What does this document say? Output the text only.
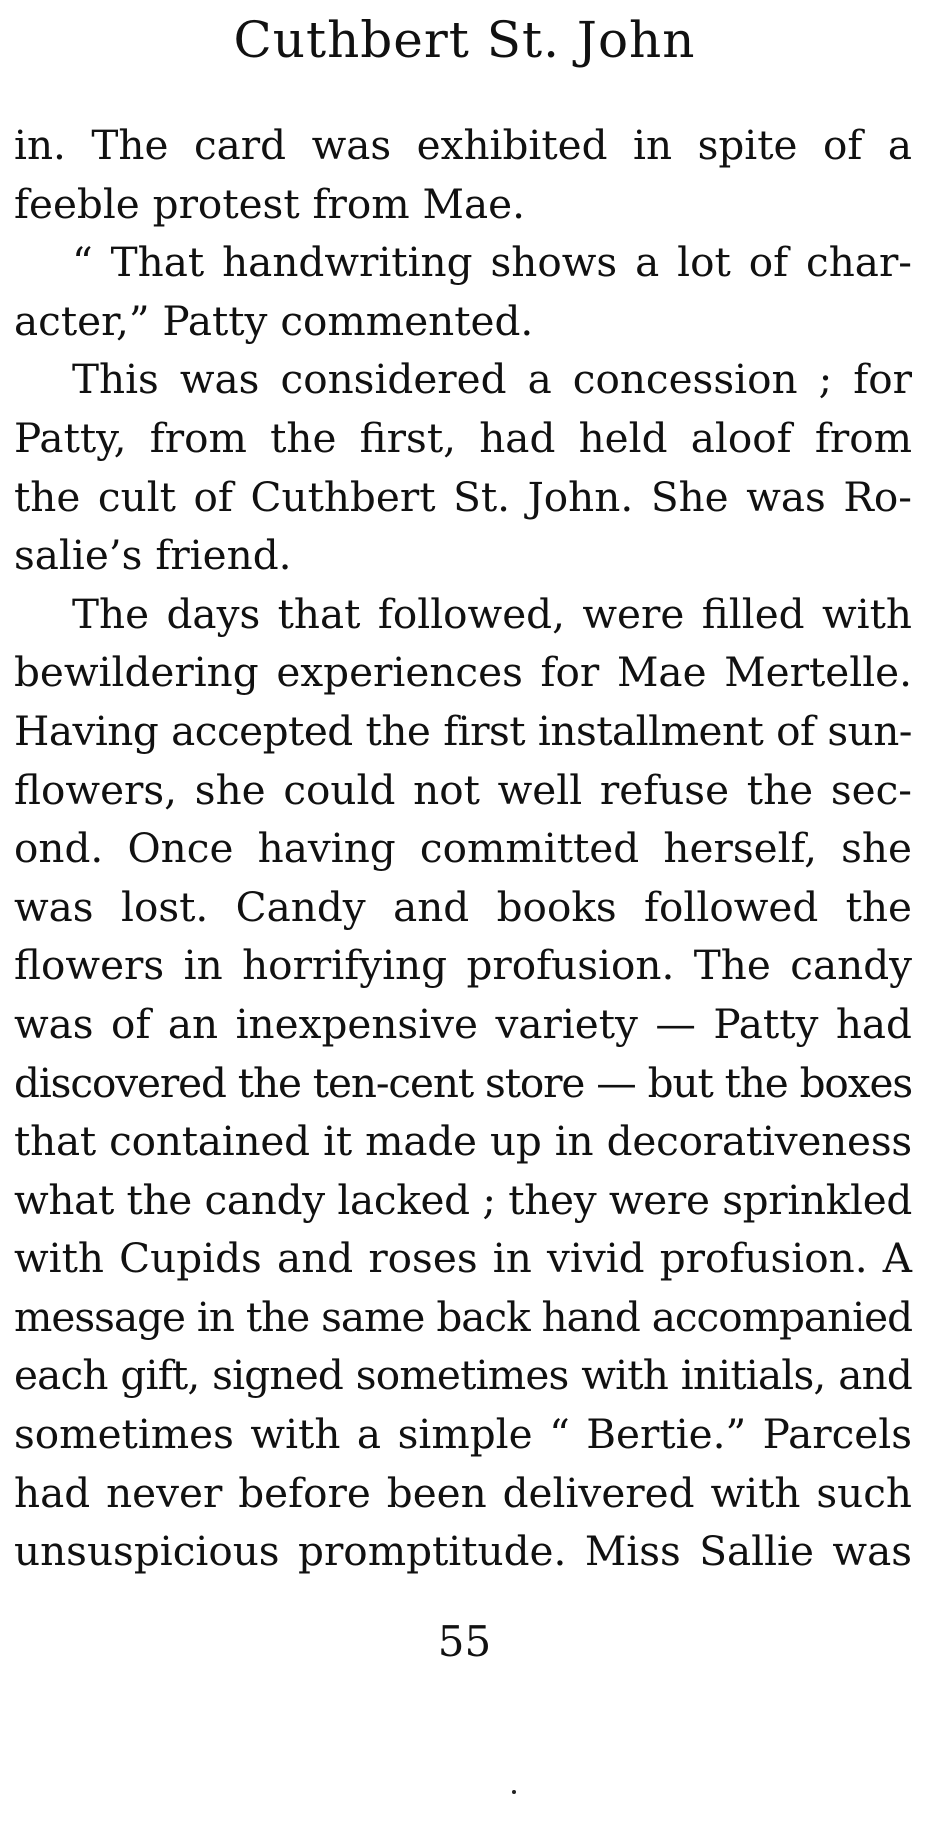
Cuthbert St. John
in. The card was exhibited in spite of a
feeble protest from Mae.
“ That handwriting shows a lot of char-
acter,” Patty commented.
This was considered a concession ; for
Patty, from the first, had held aloof from
the cult of Cuthbert St. John. She was Ro-
salie’s friend.
The days that followed, were filled with
bewildering experiences for Mae Mertelle.
Having accepted the first installment of sun-
flowers, she could not well refuse the sec-
ond. Once having committed herself, she
was lost. Candy and books followed the
flowers in horrifying profusion. The candy
was of an inexpensive variety — Patty had
discovered the ten-cent store — but the boxes
that contained it made up in decorativeness
what the candy lacked ; they were sprinkled
with Cupids and roses in vivid profusion. A
message in the same back hand accompanied
each gift, signed sometimes with initials, and
sometimes with a simple “ Bertie.” Parcels
had never before been delivered with such
unsuspicious promptitude. Miss Sallie was
55
